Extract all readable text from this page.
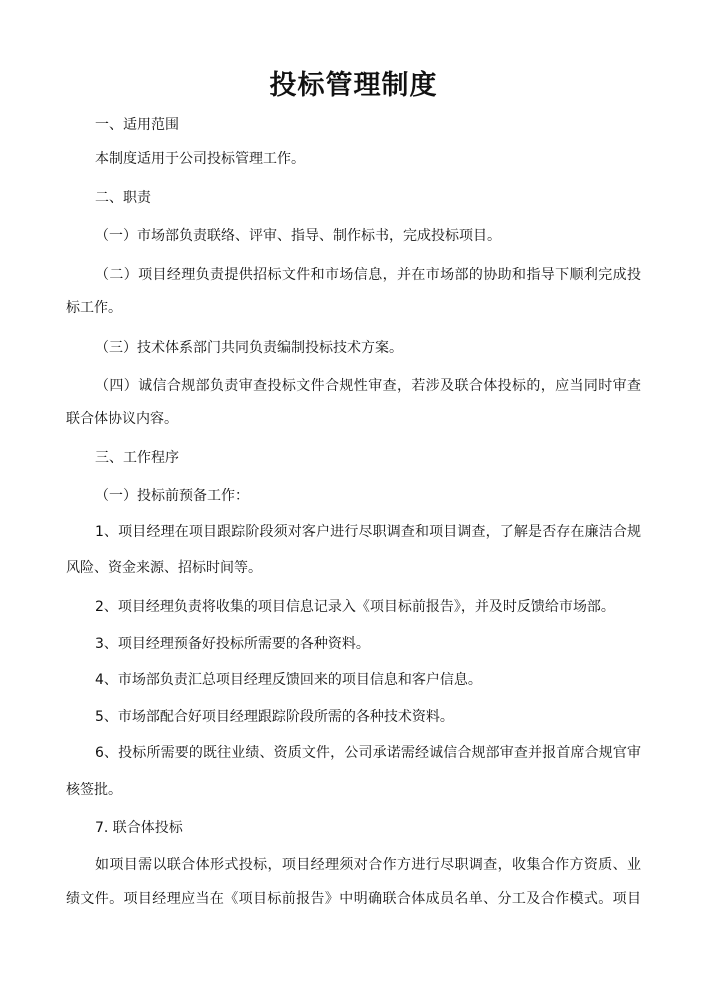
投标管理制度
一、适用范围
本制度适用于公司投标管理工作。
二、职责
（一）市场部负责联络、评审、指导、制作标书，完成投标项目。
（二）项目经理负责提供招标文件和市场信息，并在市场部的协助和指导下顺利完成投
标工作。
（三）技术体系部门共同负责编制投标技术方案。
（四）诚信合规部负责审查投标文件合规性审查，若涉及联合体投标的，应当同时审查
联合体协议内容。
三、工作程序
（一）投标前预备工作：
1、项目经理在项目跟踪阶段须对客户进行尽职调查和项目调查，了解是否存在廉洁合规
风险、资金来源、招标时间等。
2、项目经理负责将收集的项目信息记录入《项目标前报告》，并及时反馈给市场部。
3、项目经理预备好投标所需要的各种资料。
4、市场部负责汇总项目经理反馈回来的项目信息和客户信息。
5、市场部配合好项目经理跟踪阶段所需的各种技术资料。
6、投标所需要的既往业绩、资质文件，公司承诺需经诚信合规部审查并报首席合规官审
核签批。
7. 联合体投标
如项目需以联合体形式投标，项目经理须对合作方进行尽职调查，收集合作方资质、业
绩文件。项目经理应当在《项目标前报告》中明确联合体成员名单、分工及合作模式。项目
